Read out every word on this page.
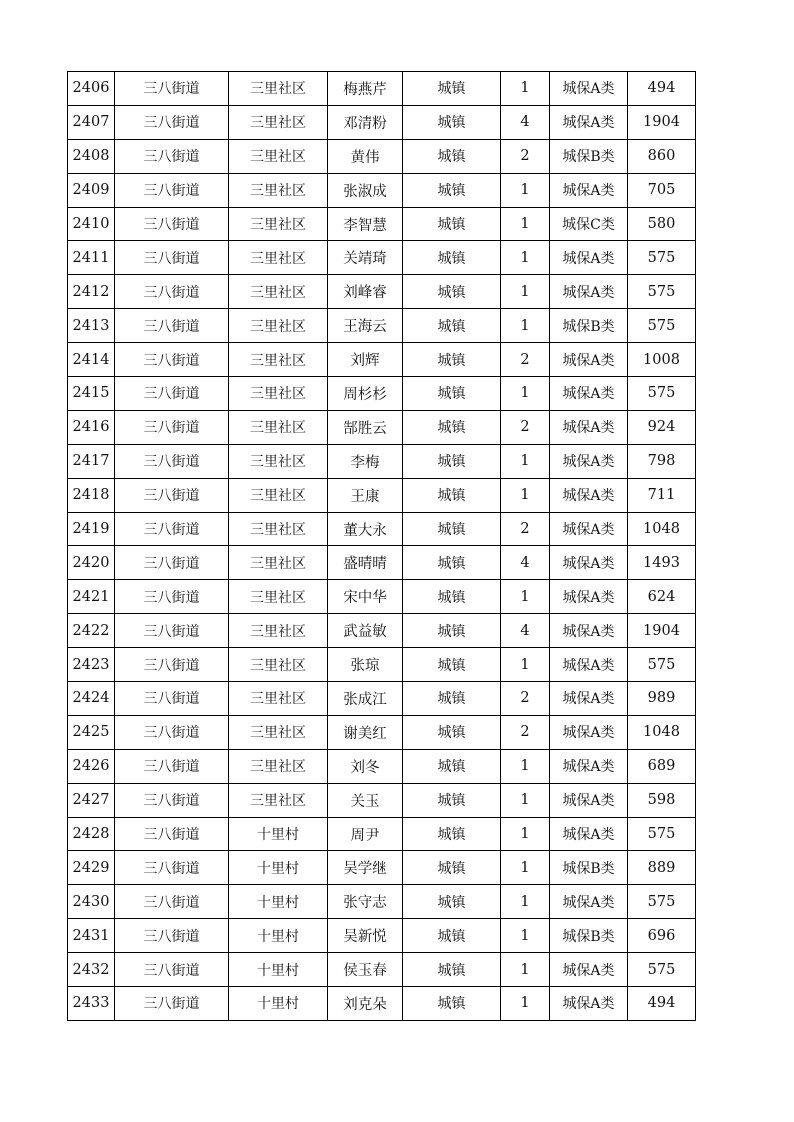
2406	三八街道	三里社区	梅燕芹	城镇	1	城保A类	494
2407	三八街道	三里社区	邓清粉	城镇	4	城保A类	1904
2408	三八街道	三里社区	黄伟	城镇	2	城保B类	860
2409	三八街道	三里社区	张淑成	城镇	1	城保A类	705
2410	三八街道	三里社区	李智慧	城镇	1	城保C类	580
2411	三八街道	三里社区	关靖琦	城镇	1	城保A类	575
2412	三八街道	三里社区	刘峰睿	城镇	1	城保A类	575
2413	三八街道	三里社区	王海云	城镇	1	城保B类	575
2414	三八街道	三里社区	刘辉	城镇	2	城保A类	1008
2415	三八街道	三里社区	周杉杉	城镇	1	城保A类	575
2416	三八街道	三里社区	郜胜云	城镇	2	城保A类	924
2417	三八街道	三里社区	李梅	城镇	1	城保A类	798
2418	三八街道	三里社区	王康	城镇	1	城保A类	711
2419	三八街道	三里社区	董大永	城镇	2	城保A类	1048
2420	三八街道	三里社区	盛晴晴	城镇	4	城保A类	1493
2421	三八街道	三里社区	宋中华	城镇	1	城保A类	624
2422	三八街道	三里社区	武益敏	城镇	4	城保A类	1904
2423	三八街道	三里社区	张琼	城镇	1	城保A类	575
2424	三八街道	三里社区	张成江	城镇	2	城保A类	989
2425	三八街道	三里社区	谢美红	城镇	2	城保A类	1048
2426	三八街道	三里社区	刘冬	城镇	1	城保A类	689
2427	三八街道	三里社区	关玉	城镇	1	城保A类	598
2428	三八街道	十里村	周尹	城镇	1	城保A类	575
2429	三八街道	十里村	吴学继	城镇	1	城保B类	889
2430	三八街道	十里村	张守志	城镇	1	城保A类	575
2431	三八街道	十里村	吴新悦	城镇	1	城保B类	696
2432	三八街道	十里村	侯玉春	城镇	1	城保A类	575
2433	三八街道	十里村	刘克朵	城镇	1	城保A类	494
